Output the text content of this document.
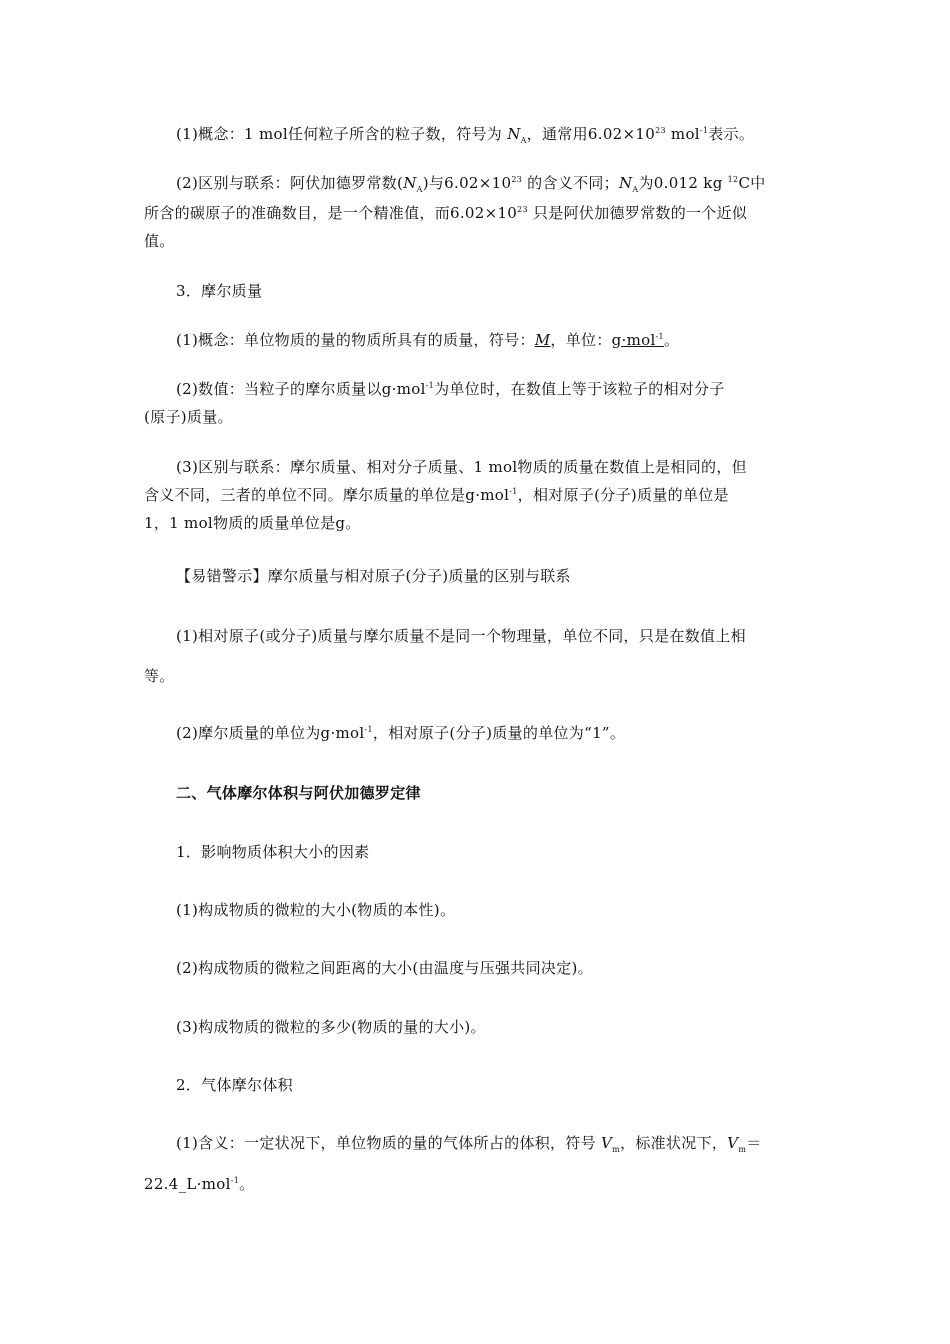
(1)概念：1 mol任何粒子所含的粒子数，符号为 $N_A$，通常用$6.02\times 10^{23}$ mol$^{-1}$表示。
(2)区别与联系：阿伏加德罗常数$(N_A)$与$6.02\times 10^{23}$ 的含义不同；$N_A$为0.012 kg $^{12}$C中
所含的碳原子的准确数目，是一个精准值，而$6.02\times 10^{23}$ 只是阿伏加德罗常数的一个近似
值。
3．摩尔质量
(1)概念：单位物质的量的物质所具有的质量，符号：M，单位：g·mol$^{-1}$。
(2)数值：当粒子的摩尔质量以g·mol$^{-1}$为单位时，在数值上等于该粒子的相对分子
(原子)质量。
(3)区别与联系：摩尔质量、相对分子质量、1 mol物质的质量在数值上是相同的，但
含义不同，三者的单位不同。摩尔质量的单位是g·mol$^{-1}$，相对原子(分子)质量的单位是
1，1 mol物质的质量单位是g。
【易错警示】摩尔质量与相对原子(分子)质量的区别与联系
(1)相对原子(或分子)质量与摩尔质量不是同一个物理量，单位不同，只是在数值上相
等。
(2)摩尔质量的单位为g·mol$^{-1}$，相对原子(分子)质量的单位为“1”。
二、气体摩尔体积与阿伏加德罗定律
1．影响物质体积大小的因素
(1)构成物质的微粒的大小(物质的本性)。
(2)构成物质的微粒之间距离的大小(由温度与压强共同决定)。
(3)构成物质的微粒的多少(物质的量的大小)。
2．气体摩尔体积
(1)含义：一定状况下，单位物质的量的气体所占的体积，符号 $V_m$，标准状况下，$V_m=$
22.4_L·mol$^{-1}$。
